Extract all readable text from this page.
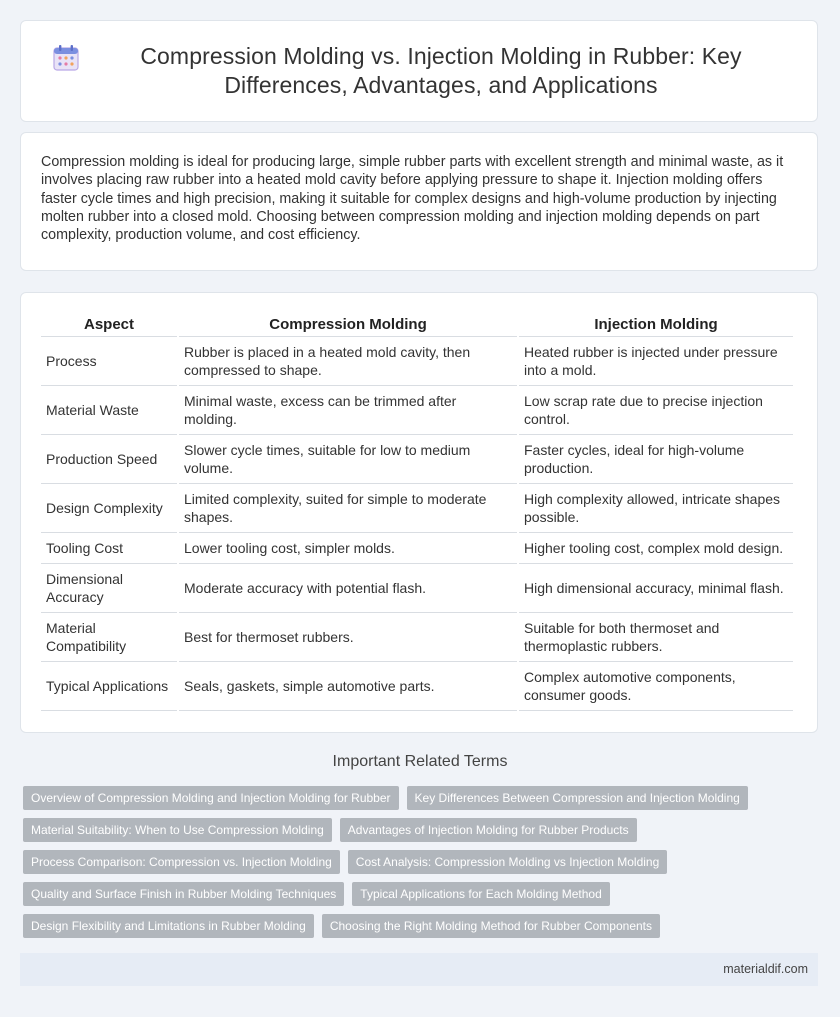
Compression Molding vs. Injection Molding in Rubber: Key Differences, Advantages, and Applications

Compression molding is ideal for producing large, simple rubber parts with excellent strength and minimal waste, as it involves placing raw rubber into a heated mold cavity before applying pressure to shape it. Injection molding offers faster cycle times and high precision, making it suitable for complex designs and high-volume production by injecting molten rubber into a closed mold. Choosing between compression molding and injection molding depends on part complexity, production volume, and cost efficiency.

Aspect	Compression Molding	Injection Molding
Process	Rubber is placed in a heated mold cavity, then compressed to shape.	Heated rubber is injected under pressure into a mold.
Material Waste	Minimal waste, excess can be trimmed after molding.	Low scrap rate due to precise injection control.
Production Speed	Slower cycle times, suitable for low to medium volume.	Faster cycles, ideal for high-volume production.
Design Complexity	Limited complexity, suited for simple to moderate shapes.	High complexity allowed, intricate shapes possible.
Tooling Cost	Lower tooling cost, simpler molds.	Higher tooling cost, complex mold design.
Dimensional Accuracy	Moderate accuracy with potential flash.	High dimensional accuracy, minimal flash.
Material Compatibility	Best for thermoset rubbers.	Suitable for both thermoset and thermoplastic rubbers.
Typical Applications	Seals, gaskets, simple automotive parts.	Complex automotive components, consumer goods.
Important Related Terms
Overview of Compression Molding and Injection Molding for Rubber	Key Differences Between Compression and Injection Molding
Material Suitability: When to Use Compression Molding	Advantages of Injection Molding for Rubber Products
Process Comparison: Compression vs. Injection Molding	Cost Analysis: Compression Molding vs Injection Molding
Quality and Surface Finish in Rubber Molding Techniques	Typical Applications for Each Molding Method
Design Flexibility and Limitations in Rubber Molding	Choosing the Right Molding Method for Rubber Components
materialdif.com
